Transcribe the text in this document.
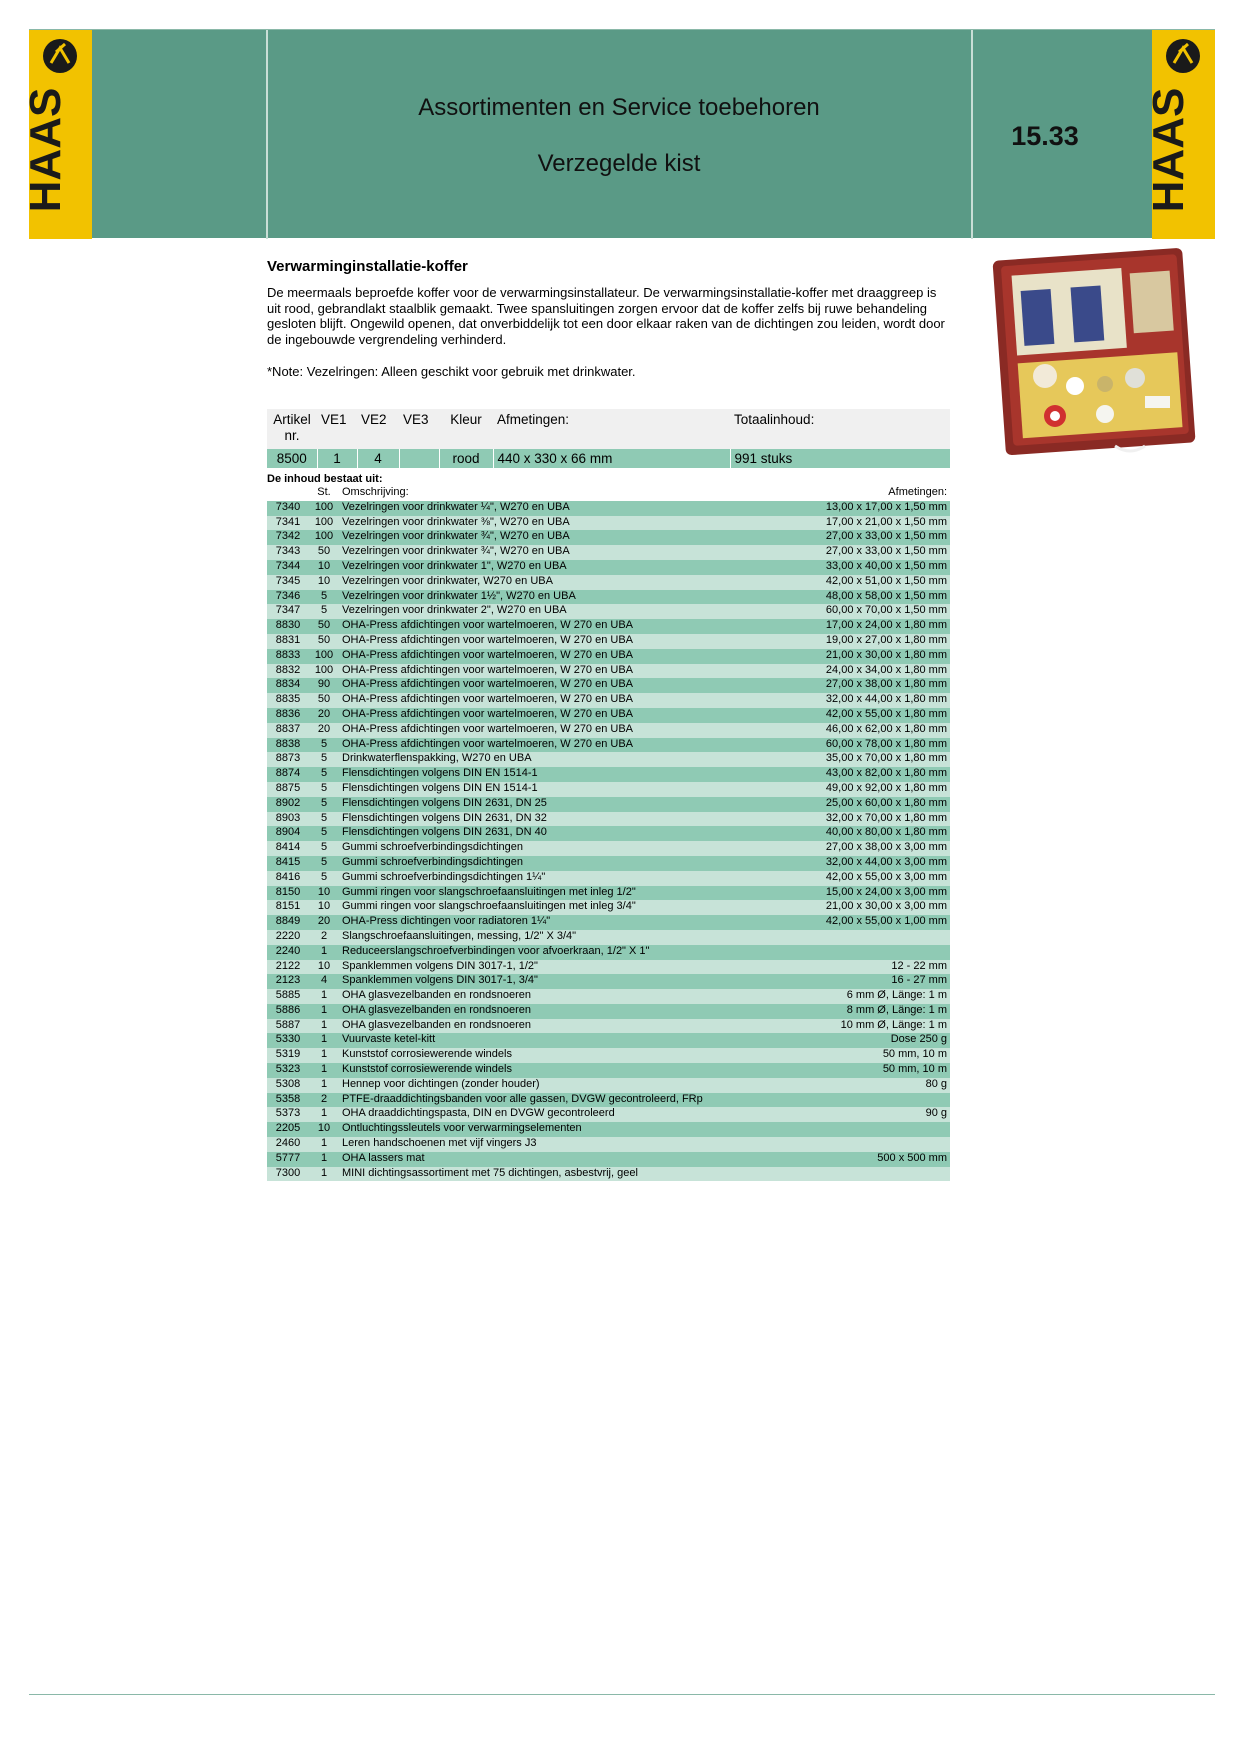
HAAS	Assortimenten en Service toebehoren
Verzegelde kist
15.33	HAAS
Verwarminginstallatie-koffer
De meermaals beproefde koffer voor de verwarmingsinstallateur. De verwarmingsinstallatie-koffer met draaggreep is uit rood, gebrandlakt staalblik gemaakt. Twee spansluitingen zorgen ervoor dat de koffer zelfs bij ruwe behandeling gesloten blijft. Ongewild openen, dat onverbiddelijk tot een door elkaar raken van de dichtingen zou leiden, wordt door de ingebouwde vergrendeling verhinderd.
*Note: Vezelringen: Alleen geschikt voor gebruik met drinkwater.
Artikel nr.	VE1	VE2	VE3	Kleur	Afmetingen:	Totaalinhoud:
8500	1	4		rood	440 x 330 x 66 mm	991 stuks
De inhoud bestaat uit:
	St.	Omschrijving:	Afmetingen:
7340	100	Vezelringen voor drinkwater ¼", W270 en UBA	13,00 x 17,00 x 1,50 mm
7341	100	Vezelringen voor drinkwater ⅜", W270 en UBA	17,00 x 21,00 x 1,50 mm
7342	100	Vezelringen voor drinkwater ¾", W270 en UBA	27,00 x 33,00 x 1,50 mm
7343	50	Vezelringen voor drinkwater ¾", W270 en UBA	27,00 x 33,00 x 1,50 mm
7344	10	Vezelringen voor drinkwater 1", W270 en UBA	33,00 x 40,00 x 1,50 mm
7345	10	Vezelringen voor drinkwater, W270 en UBA	42,00 x 51,00 x 1,50 mm
7346	5	Vezelringen voor drinkwater 1½", W270 en UBA	48,00 x 58,00 x 1,50 mm
7347	5	Vezelringen voor drinkwater 2", W270 en UBA	60,00 x 70,00 x 1,50 mm
8830	50	OHA-Press afdichtingen voor wartelmoeren, W 270 en UBA	17,00 x 24,00 x 1,80 mm
8831	50	OHA-Press afdichtingen voor wartelmoeren, W 270 en UBA	19,00 x 27,00 x 1,80 mm
8833	100	OHA-Press afdichtingen voor wartelmoeren, W 270 en UBA	21,00 x 30,00 x 1,80 mm
8832	100	OHA-Press afdichtingen voor wartelmoeren, W 270 en UBA	24,00 x 34,00 x 1,80 mm
8834	90	OHA-Press afdichtingen voor wartelmoeren, W 270 en UBA	27,00 x 38,00 x 1,80 mm
8835	50	OHA-Press afdichtingen voor wartelmoeren, W 270 en UBA	32,00 x 44,00 x 1,80 mm
8836	20	OHA-Press afdichtingen voor wartelmoeren, W 270 en UBA	42,00 x 55,00 x 1,80 mm
8837	20	OHA-Press afdichtingen voor wartelmoeren, W 270 en UBA	46,00 x 62,00 x 1,80 mm
8838	5	OHA-Press afdichtingen voor wartelmoeren, W 270 en UBA	60,00 x 78,00 x 1,80 mm
8873	5	Drinkwaterflenspakking, W270 en UBA	35,00 x 70,00 x 1,80 mm
8874	5	Flensdichtingen volgens DIN EN 1514-1	43,00 x 82,00 x 1,80 mm
8875	5	Flensdichtingen volgens DIN EN 1514-1	49,00 x 92,00 x 1,80 mm
8902	5	Flensdichtingen volgens DIN 2631, DN 25	25,00 x 60,00 x 1,80 mm
8903	5	Flensdichtingen volgens DIN 2631, DN 32	32,00 x 70,00 x 1,80 mm
8904	5	Flensdichtingen volgens DIN 2631, DN 40	40,00 x 80,00 x 1,80 mm
8414	5	Gummi schroefverbindingsdichtingen	27,00 x 38,00 x 3,00 mm
8415	5	Gummi schroefverbindingsdichtingen	32,00 x 44,00 x 3,00 mm
8416	5	Gummi schroefverbindingsdichtingen 1¼"	42,00 x 55,00 x 3,00 mm
8150	10	Gummi ringen voor slangschroefaansluitingen met inleg 1/2"	15,00 x 24,00 x 3,00 mm
8151	10	Gummi ringen voor slangschroefaansluitingen met inleg 3/4"	21,00 x 30,00 x 3,00 mm
8849	20	OHA-Press dichtingen voor radiatoren 1¼"	42,00 x 55,00 x 1,00 mm
2220	2	Slangschroefaansluitingen, messing, 1/2" X 3/4"	
2240	1	Reduceerslangschroefverbindingen voor afvoerkraan, 1/2" X 1"	
2122	10	Spanklemmen volgens DIN 3017-1, 1/2"	12 - 22 mm
2123	4	Spanklemmen volgens DIN 3017-1, 3/4"	16 - 27 mm
5885	1	OHA glasvezelbanden en rondsnoeren	6 mm Ø, Länge: 1 m
5886	1	OHA glasvezelbanden en rondsnoeren	8 mm Ø, Länge: 1 m
5887	1	OHA glasvezelbanden en rondsnoeren	10 mm Ø, Länge: 1 m
5330	1	Vuurvaste ketel-kitt	Dose 250 g
5319	1	Kunststof corrosiewerende windels	50 mm, 10 m
5323	1	Kunststof corrosiewerende windels	50 mm, 10 m
5308	1	Hennep voor dichtingen (zonder houder)	80 g
5358	2	PTFE-draaddichtingsbanden voor alle gassen, DVGW gecontroleerd, FRp	
5373	1	OHA draaddichtingspasta, DIN en DVGW gecontroleerd	90 g
2205	10	Ontluchtingssleutels voor verwarmingselementen	
2460	1	Leren handschoenen met vijf vingers J3	
5777	1	OHA lassers mat	500 x 500 mm
7300	1	MINI dichtingsassortiment met 75 dichtingen, asbestvrij, geel	
